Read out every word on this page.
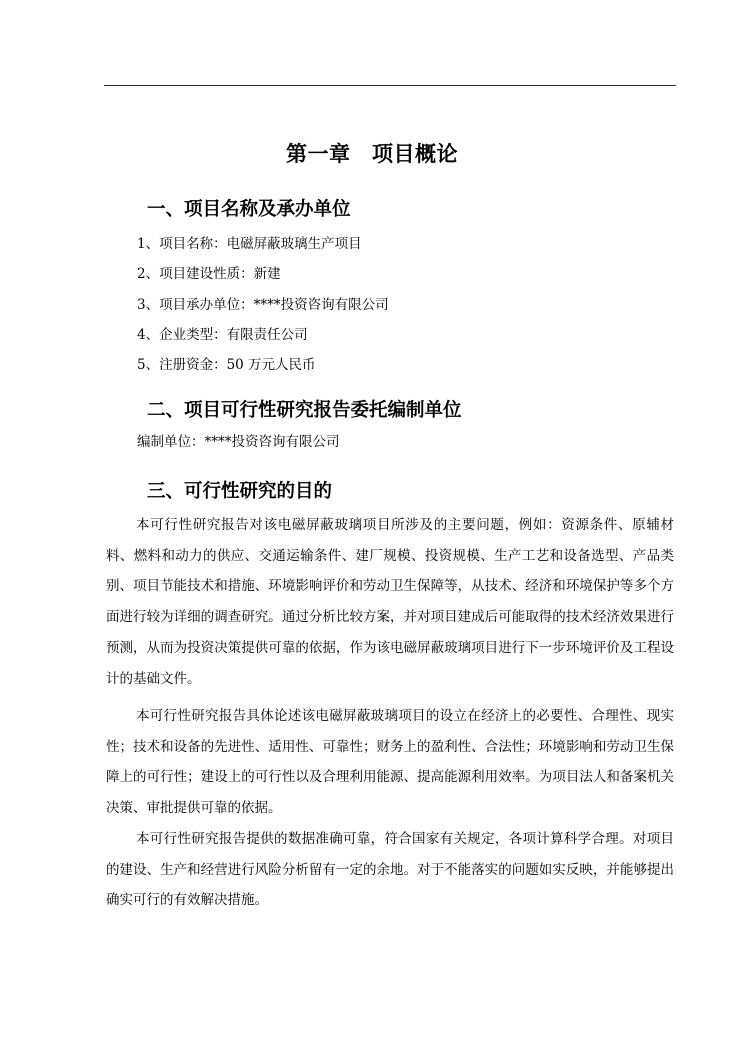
第一章　项目概论
一、项目名称及承办单位
1、项目名称：电磁屏蔽玻璃生产项目
2、项目建设性质：新建
3、项目承办单位：****投资咨询有限公司
4、企业类型：有限责任公司
5、注册资金：50 万元人民币
二、项目可行性研究报告委托编制单位
编制单位：****投资咨询有限公司
三、可行性研究的目的

本可行性研究报告对该电磁屏蔽玻璃项目所涉及的主要问题，例如：资源条件、原辅材料、燃料和动力的供应、交通运输条件、建厂规模、投资规模、生产工艺和设备选型、产品类别、项目节能技术和措施、环境影响评价和劳动卫生保障等，从技术、经济和环境保护等多个方面进行较为详细的调查研究。通过分析比较方案，并对项目建成后可能取得的技术经济效果进行预测，从而为投资决策提供可靠的依据，作为该电磁屏蔽玻璃项目进行下一步环境评价及工程设计的基础文件。

本可行性研究报告具体论述该电磁屏蔽玻璃项目的设立在经济上的必要性、合理性、现实性；技术和设备的先进性、适用性、可靠性；财务上的盈利性、合法性；环境影响和劳动卫生保障上的可行性；建设上的可行性以及合理利用能源、提高能源利用效率。为项目法人和备案机关决策、审批提供可靠的依据。

本可行性研究报告提供的数据准确可靠，符合国家有关规定，各项计算科学合理。对项目的建设、生产和经营进行风险分析留有一定的余地。对于不能落实的问题如实反映，并能够提出确实可行的有效解决措施。
